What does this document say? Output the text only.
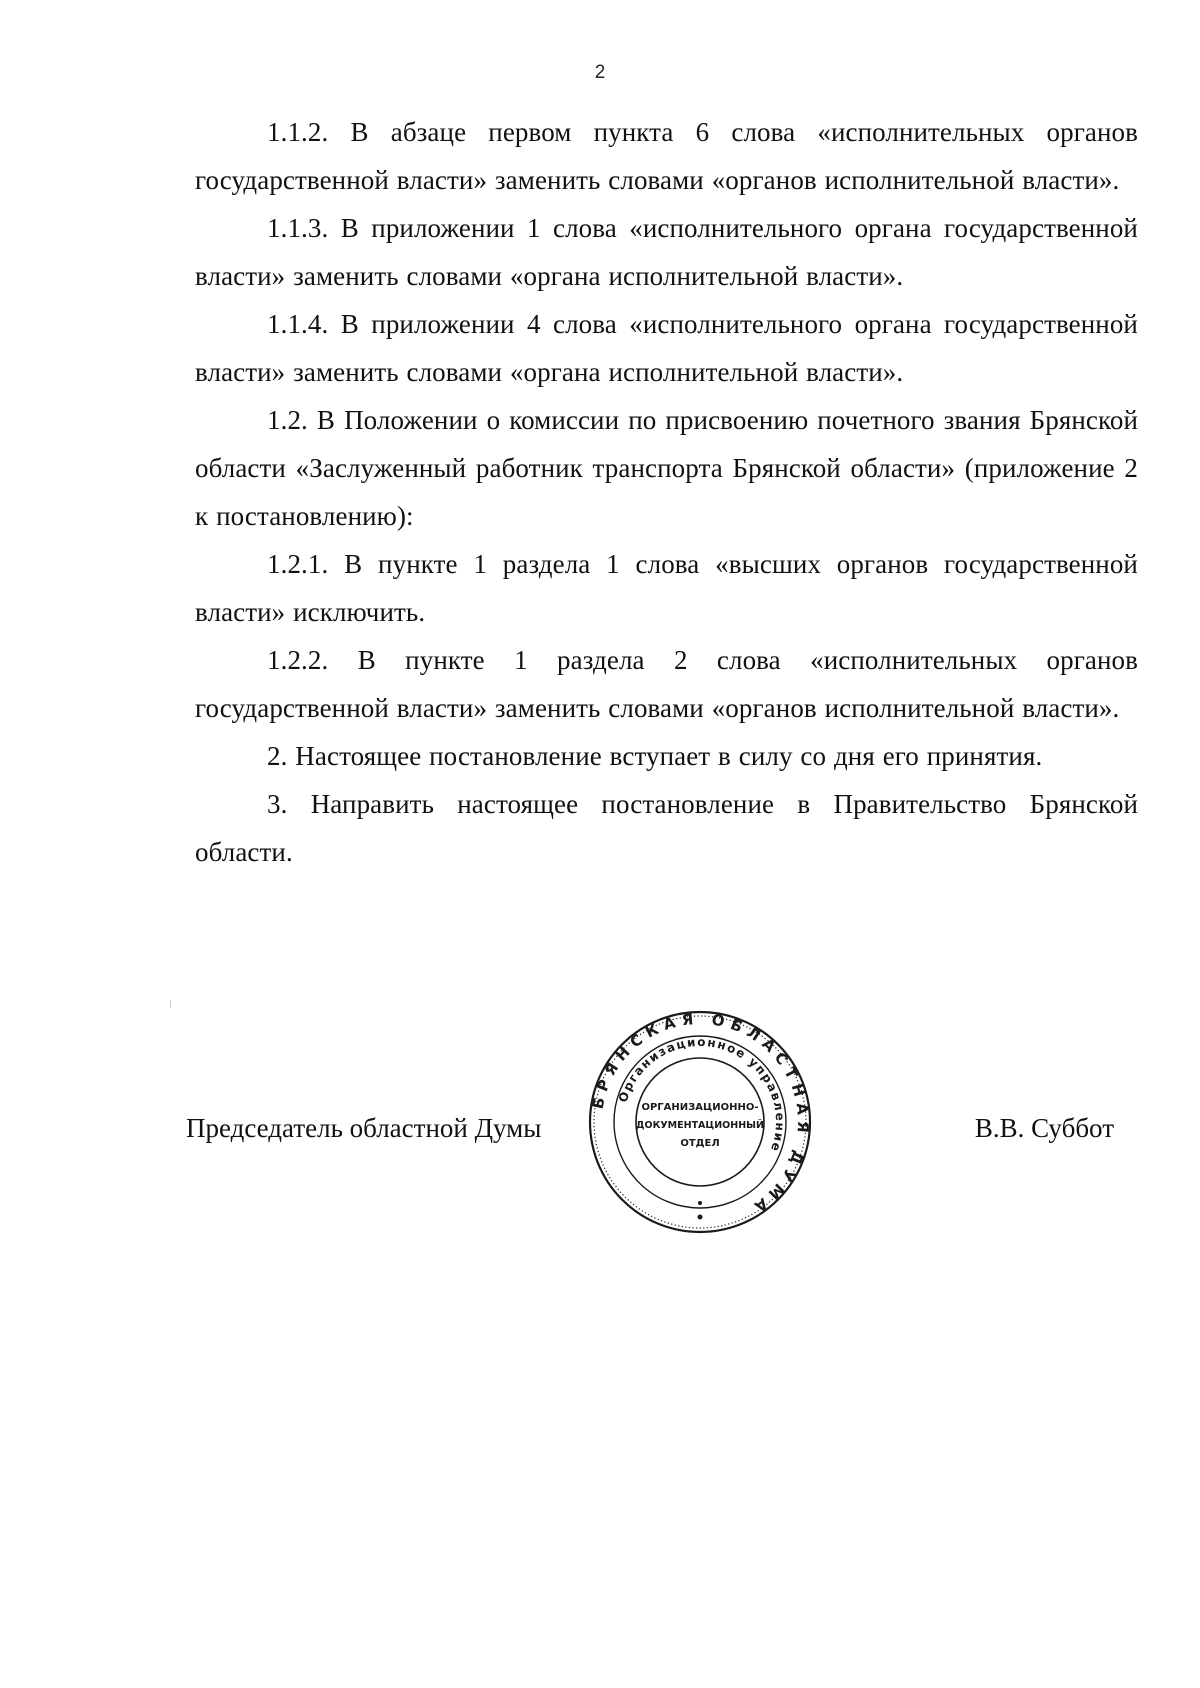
2

1.1.2. В абзаце первом пункта 6 слова «исполнительных органов государственной власти» заменить словами «органов исполнительной власти».

1.1.3. В приложении 1 слова «исполнительного органа государственной власти» заменить словами «органа исполнительной власти».

1.1.4. В приложении 4 слова «исполнительного органа государственной власти» заменить словами «органа исполнительной власти».

1.2. В Положении о комиссии по присвоению почетного звания Брянской области «Заслуженный работник транспорта Брянской области» (приложение 2 к постановлению):

1.2.1. В пункте 1 раздела 1 слова «высших органов государственной власти» исключить.

1.2.2. В пункте 1 раздела 2 слова «исполнительных органов государственной власти» заменить словами «органов исполнительной власти».

2. Настоящее постановление вступает в силу со дня его принятия.

3. Направить настоящее постановление в Правительство Брянской области.

Председатель областной Думы
БРЯНСКАЯ ОБЛАСТНАЯ ДУМА
Организационное управление
ОРГАНИЗАЦИОННО-
ДОКУМЕНТАЦИОННЫЙ
ОТДЕЛ
В.В. Суббот
